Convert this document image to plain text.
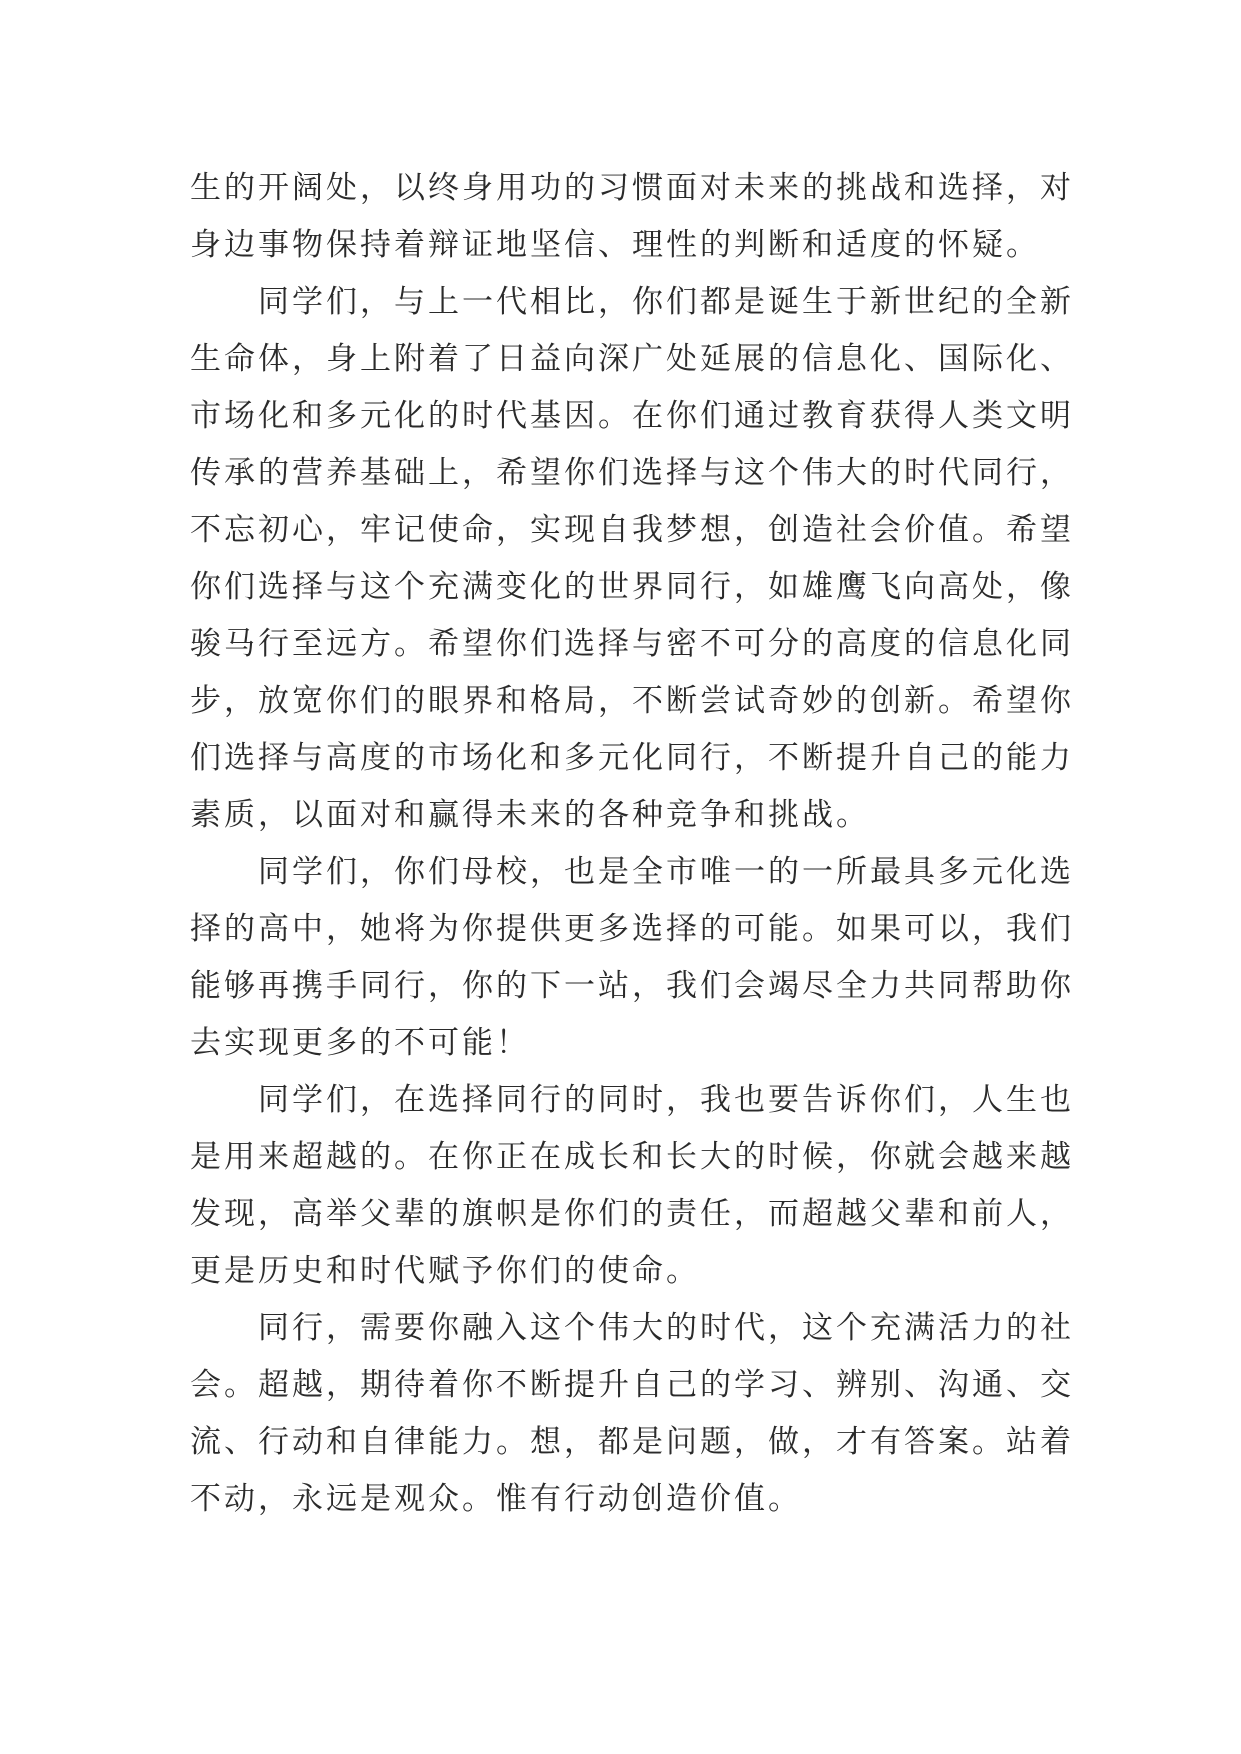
生的开阔处，以终身用功的习惯面对未来的挑战和选择，对
身边事物保持着辩证地坚信、理性的判断和适度的怀疑。
　　同学们，与上一代相比，你们都是诞生于新世纪的全新
生命体，身上附着了日益向深广处延展的信息化、国际化、
市场化和多元化的时代基因。在你们通过教育获得人类文明
传承的营养基础上，希望你们选择与这个伟大的时代同行，
不忘初心，牢记使命，实现自我梦想，创造社会价值。希望
你们选择与这个充满变化的世界同行，如雄鹰飞向高处，像
骏马行至远方。希望你们选择与密不可分的高度的信息化同
步，放宽你们的眼界和格局，不断尝试奇妙的创新。希望你
们选择与高度的市场化和多元化同行，不断提升自己的能力
素质，以面对和赢得未来的各种竞争和挑战。
　　同学们，你们母校，也是全市唯一的一所最具多元化选
择的高中，她将为你提供更多选择的可能。如果可以，我们
能够再携手同行，你的下一站，我们会竭尽全力共同帮助你
去实现更多的不可能！
　　同学们，在选择同行的同时，我也要告诉你们，人生也
是用来超越的。在你正在成长和长大的时候，你就会越来越
发现，高举父辈的旗帜是你们的责任，而超越父辈和前人，
更是历史和时代赋予你们的使命。
　　同行，需要你融入这个伟大的时代，这个充满活力的社
会。超越，期待着你不断提升自己的学习、辨别、沟通、交
流、行动和自律能力。想，都是问题，做，才有答案。站着
不动，永远是观众。惟有行动创造价值。
